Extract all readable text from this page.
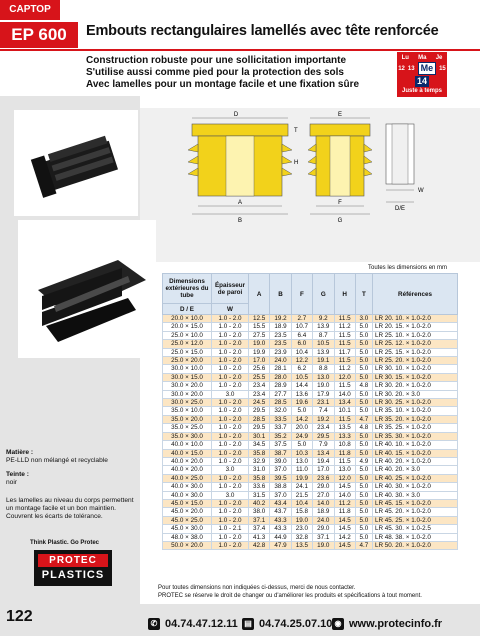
CAPTOP
EP 600	Embouts rectangulaires lamellés avec tête renforcée
Construction robuste pour une sollicitation importante
S'utilise aussi comme pied pour la protection des sols
Avec lamelles pour un montage facile et une fixation sûre
Lu Ma Je
12 13 Me	15
14
Juste à temps
D
T
H
A
B
E
F
G
W
D/E
Matière :
PE-LLD non mélangé et recyclable
Teinte :
noir
Les lamelles au niveau du corps permettent un montage facile et un bon maintien. Couvrent les écarts de tolérance.
Think Plastic. Go Protec
PROTEC
PLASTICS
Toutes les dimensions en mm
Dimensions extérieures du tube	Épaisseur de paroi	A	B	F	G	H	T	Références
D / E	W							
20.0 × 10.0	1.0 - 2.0	12.5	19.2	2.7	9.2	11.5	3.0	LR 20. 10. × 1.0-2.0
20.0 × 15.0	1.0 - 2.0	15.5	18.9	10.7	13.9	11.2	5.0	LR 20. 15. × 1.0-2.0
25.0 × 10.0	1.0 - 2.0	27.5	23.5	6.4	8.7	11.5	5.0	LR 25. 10. × 1.0-2.0
25.0 × 12.0	1.0 - 2.0	19.0	23.5	6.0	10.5	11.5	5.0	LR 25. 12. × 1.0-2.0
25.0 × 15.0	1.0 - 2.0	19.9	23.9	10.4	13.9	11.7	5.0	LR 25. 15. × 1.0-2.0
25.0 × 20.0	1.0 - 2.0	17.0	24.0	12.2	19.1	11.5	5.0	LR 25. 20. × 1.0-2.0
30.0 × 10.0	1.0 - 2.0	25.6	28.1	6.2	8.8	11.2	5.0	LR 30. 10. × 1.0-2.0
30.0 × 15.0	1.0 - 2.0	25.5	28.0	10.5	13.0	12.0	5.0	LR 30. 15. × 1.0-2.0
30.0 × 20.0	1.0 - 2.0	23.4	28.9	14.4	19.0	11.5	4.8	LR 30. 20. × 1.0-2.0
30.0 × 20.0	3.0	23.4	27.7	13.6	17.9	14.0	5.0	LR 30. 20. × 3.0
30.0 × 25.0	1.0 - 2.0	24.5	28.5	19.6	23.1	13.4	5.0	LR 30. 25. × 1.0-2.0
35.0 × 10.0	1.0 - 2.0	29.5	32.0	5.0	7.4	10.1	5.0	LR 35. 10. × 1.0-2.0
35.0 × 20.0	1.0 - 2.0	28.5	33.5	14.2	19.2	11.5	4.7	LR 35. 20. × 1.0-2.0
35.0 × 25.0	1.0 - 2.0	29.5	33.7	20.0	23.4	13.5	4.8	LR 35. 25. × 1.0-2.0
35.0 × 30.0	1.0 - 2.0	30.1	35.2	24.9	29.5	13.3	5.0	LR 35. 30. × 1.0-2.0
40.0 × 10.0	1.0 - 2.0	34.5	37.5	5.0	7.9	10.8	5.0	LR 40. 10. × 1.0-2.0
40.0 × 15.0	1.0 - 2.0	35.8	38.7	10.3	13.4	11.8	5.0	LR 40. 15. × 1.0-2.0
40.0 × 20.0	1.0 - 2.0	32.9	39.0	13.0	19.4	11.5	4.9	LR 40. 20. × 1.0-2.0
40.0 × 20.0	3.0	31.0	37.0	11.0	17.0	13.0	5.0	LR 40. 20. × 3.0
40.0 × 25.0	1.0 - 2.0	35.8	39.5	19.9	23.6	12.0	5.0	LR 40. 25. × 1.0-2.0
40.0 × 30.0	1.0 - 2.0	33.6	38.8	24.1	29.0	14.5	5.0	LR 40. 30. × 1.0-2.0
40.0 × 30.0	3.0	31.5	37.0	21.5	27.0	14.0	5.0	LR 40. 30. × 3.0
45.0 × 15.0	1.0 - 2.0	40.2	43.4	10.4	14.0	11.2	5.0	LR 45. 15. × 1.0-2.0
45.0 × 20.0	1.0 - 2.0	38.0	43.7	15.8	18.9	11.8	5.0	LR 45. 20. × 1.0-2.0
45.0 × 25.0	1.0 - 2.0	37.1	43.3	19.0	24.0	14.5	5.0	LR 45. 25. × 1.0-2.0
45.0 × 30.0	1.0 - 2.1	37.4	43.3	23.0	29.0	14.5	5.0	LR 45. 30. × 1.0-2.5
48.0 × 38.0	1.0 - 2.0	41.3	44.9	32.8	37.1	14.2	5.0	LR 48. 38. × 1.0-2.0
50.0 × 20.0	1.0 - 2.0	42.8	47.9	13.5	19.0	14.5	4.7	LR 50. 20. × 1.0-2.0
Pour toutes dimensions non indiquées ci-dessus, merci de nous contacter.
PROTEC se réserve le droit de changer ou d'améliorer les produits et spécifications à tout moment.
122	✆ 04.74.47.12.11 ▤ 04.74.25.07.10 ◉ www.protecinfo.fr
